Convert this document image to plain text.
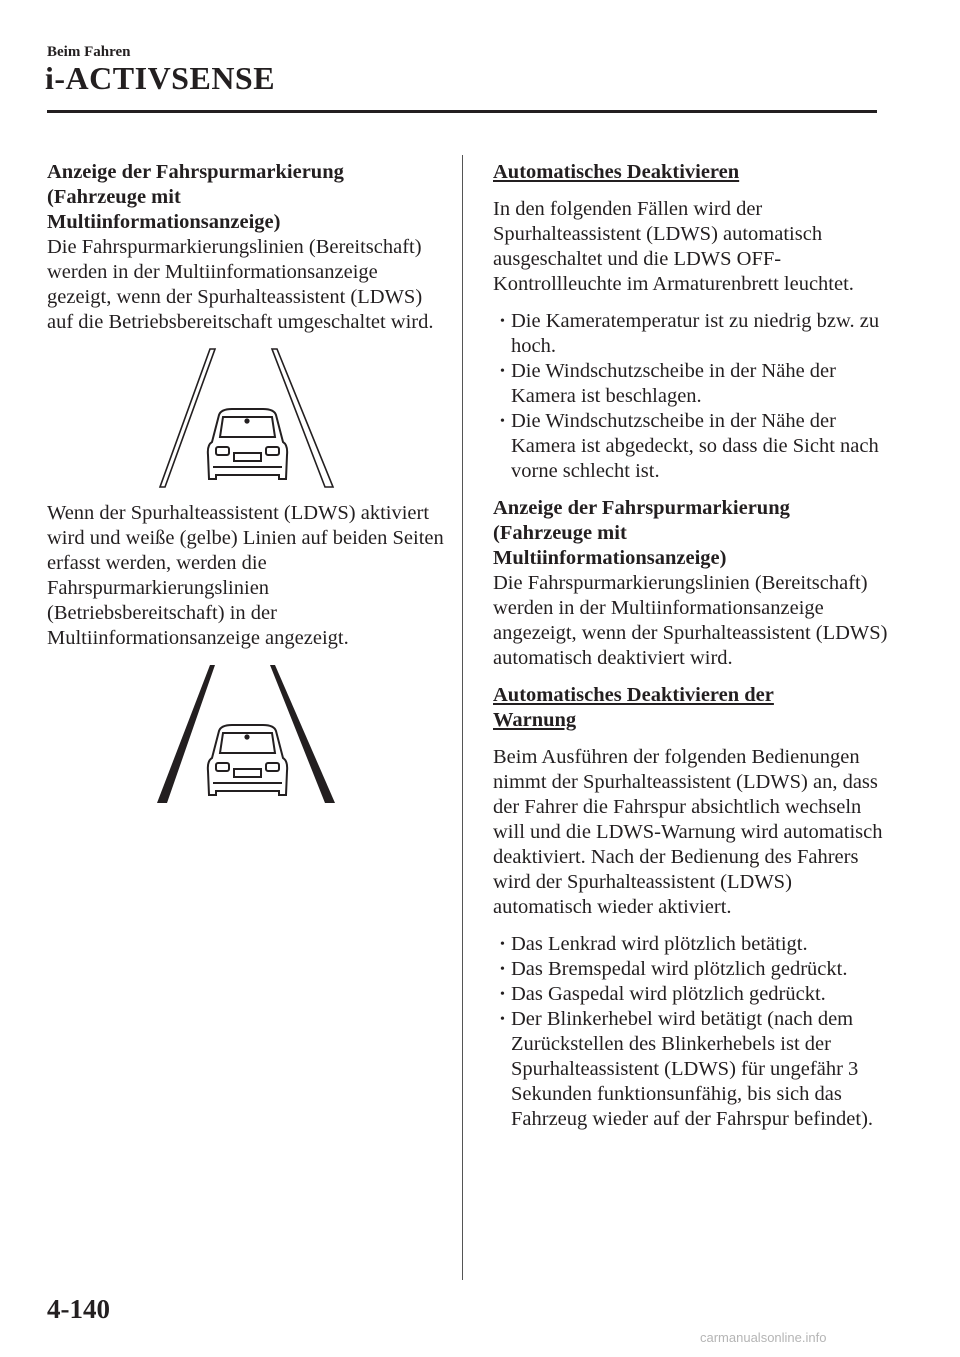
Beim Fahren
i-ACTIVSENSE
Anzeige der Fahrspurmarkierung
(Fahrzeuge mit
Multiinformationsanzeige)

Die Fahrspurmarkierungslinien (Bereitschaft) werden in der Multiinformationsanzeige gezeigt, wenn der Spurhalteassistent (LDWS) auf die Betriebsbereitschaft umgeschaltet wird.

Wenn der Spurhalteassistent (LDWS) aktiviert wird und weiße (gelbe) Linien auf beiden Seiten erfasst werden, werden die Fahrspurmarkierungslinien (Betriebsbereitschaft) in der Multiinformationsanzeige angezeigt.

Automatisches Deaktivieren

In den folgenden Fällen wird der Spurhalteassistent (LDWS) automatisch ausgeschaltet und die LDWS OFF-Kontrollleuchte im Armaturenbrett leuchtet.

• Die Kameratemperatur ist zu niedrig bzw. zu hoch.
• Die Windschutzscheibe in der Nähe der Kamera ist beschlagen.
• Die Windschutzscheibe in der Nähe der Kamera ist abgedeckt, so dass die Sicht nach vorne schlecht ist.
Anzeige der Fahrspurmarkierung
(Fahrzeuge mit
Multiinformationsanzeige)

Die Fahrspurmarkierungslinien (Bereitschaft) werden in der Multiinformationsanzeige angezeigt, wenn der Spurhalteassistent (LDWS) automatisch deaktiviert wird.

Automatisches Deaktivieren der
Warnung

Beim Ausführen der folgenden Bedienungen nimmt der Spurhalteassistent (LDWS) an, dass der Fahrer die Fahrspur absichtlich wechseln will und die LDWS-Warnung wird automatisch deaktiviert. Nach der Bedienung des Fahrers wird der Spurhalteassistent (LDWS) automatisch wieder aktiviert.

• Das Lenkrad wird plötzlich betätigt.
• Das Bremspedal wird plötzlich gedrückt.
• Das Gaspedal wird plötzlich gedrückt.
• Der Blinkerhebel wird betätigt (nach dem Zurückstellen des Blinkerhebels ist der Spurhalteassistent (LDWS) für ungefähr 3 Sekunden funktionsunfähig, bis sich das Fahrzeug wieder auf der Fahrspur befindet).
4-140
carmanualsonline.info
